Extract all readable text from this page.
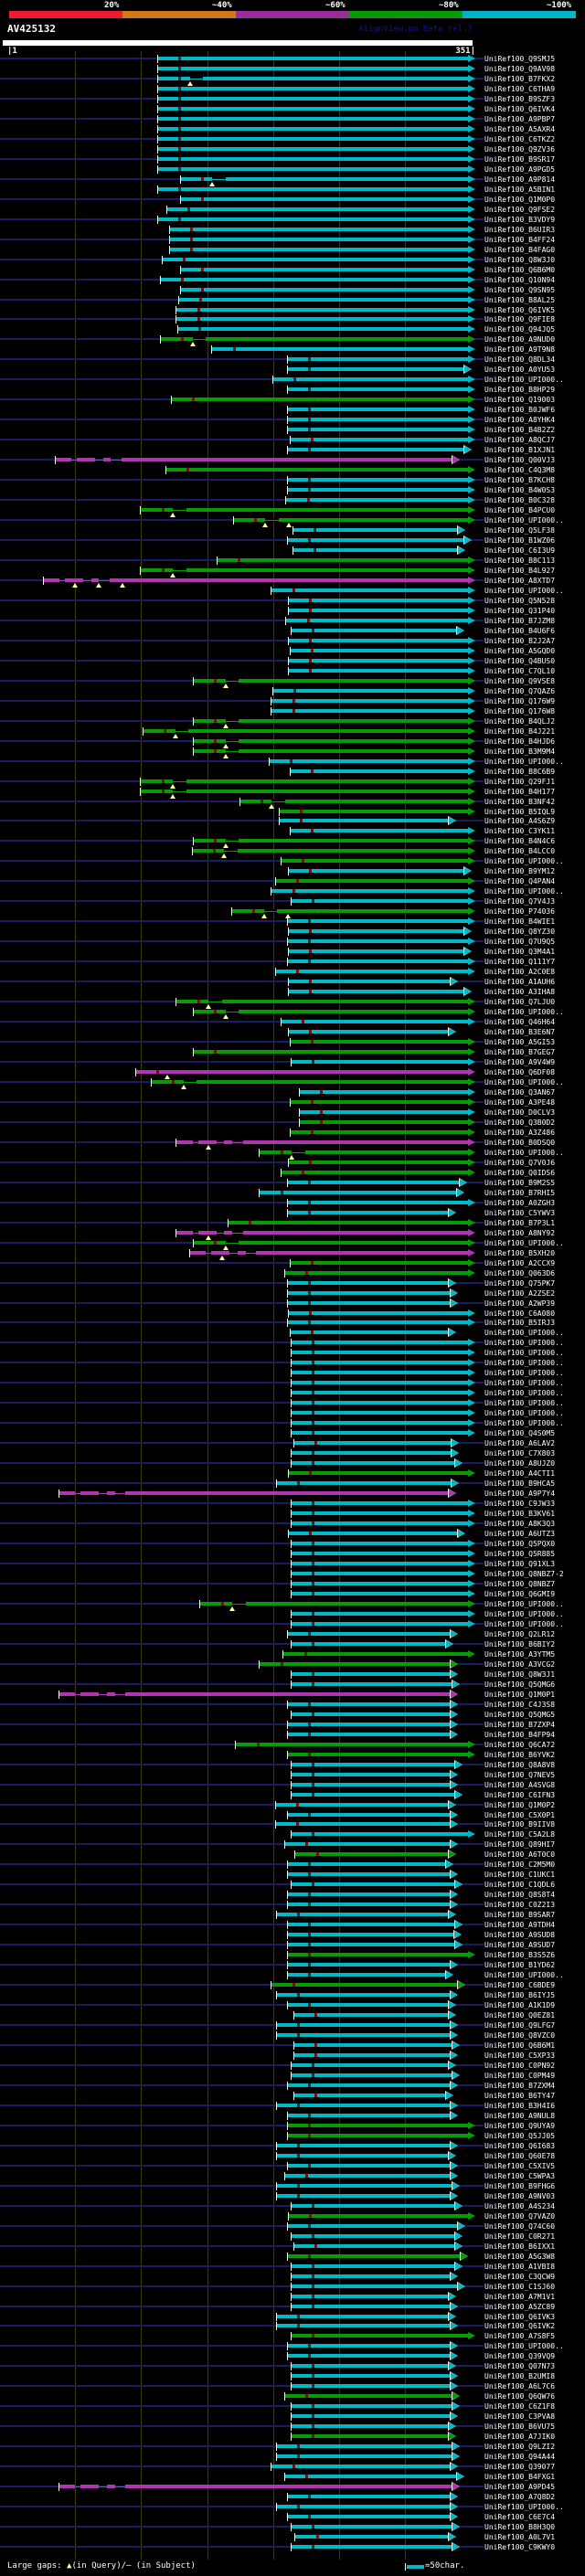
20%	~40%	~60%	~80%	~100%
AV425132	AlignView.pm Beta rel.7
|1	351|
UniRef100_Q9SMJ5
UniRef100_Q9AV98
UniRef100_B7FKX2
UniRef100_C6THA9
UniRef100_B9SZF3
UniRef100_Q6IVK4
UniRef100_A9PBP7
UniRef100_A5AXR4
UniRef100_C6TKZ2
UniRef100_Q9ZV36
UniRef100_B9SR17
UniRef100_A9PGD5
UniRef100_A9P814
UniRef100_A5BIN1
UniRef100_Q1M0P0
UniRef100_Q9FSE2
UniRef100_B3VDY9
UniRef100_B6UIR3
UniRef100_B4FF24
UniRef100_B4FAG0
UniRef100_Q8W3J0
UniRef100_Q6B6M0
UniRef100_Q10N94
UniRef100_Q9SN95
UniRef100_B8AL25
UniRef100_Q6IVK5
UniRef100_Q9FIE8
UniRef100_Q94JQ5
UniRef100_A9NUD0
UniRef100_A9T9N8
UniRef100_Q8DL34
UniRef100_A0YU53
UniRef100_UPI000..
UniRef100_B8HP29
UniRef100_Q19003
UniRef100_B0JWF6
UniRef100_A8YHK4
UniRef100_B4B2Z2
UniRef100_A8QCJ7
UniRef100_B1XJN1
UniRef100_Q00VJ3
UniRef100_C4Q3M8
UniRef100_B7KCH8
UniRef100_B4W0S3
UniRef100_B0C328
UniRef100_B4PCU0
UniRef100_UPI000..
UniRef100_Q5LF38
UniRef100_B1WZ06
UniRef100_C6I3U9
UniRef100_B8C113
UniRef100_B4L927
UniRef100_A8XTD7
UniRef100_UPI000..
UniRef100_Q5N528
UniRef100_Q31P40
UniRef100_B7JZM8
UniRef100_B4U6F6
UniRef100_B2J2A7
UniRef100_A5GQD0
UniRef100_Q4BUS0
UniRef100_C7QL10
UniRef100_Q9VSE8
UniRef100_Q7QAZ6
UniRef100_Q176W9
UniRef100_Q176W8
UniRef100_B4QLJ2
UniRef100_B4J221
UniRef100_B4HJD6
UniRef100_B3M9M4
UniRef100_UPI000..
UniRef100_B8C6B9
UniRef100_Q29FJ1
UniRef100_B4H177
UniRef100_B3NF42
UniRef100_B5IQL9
UniRef100_A4S6Z9
UniRef100_C3YK11
UniRef100_B4N4C6
UniRef100_B4LCC0
UniRef100_UPI000..
UniRef100_B9YM12
UniRef100_Q4PAN4
UniRef100_UPI000..
UniRef100_Q7V4J3
UniRef100_P74036
UniRef100_B4WIE1
UniRef100_Q8YZ30
UniRef100_Q7U9Q5
UniRef100_Q3M4A1
UniRef100_Q111Y7
UniRef100_A2C0E8
UniRef100_A1AUH6
UniRef100_A3IHA8
UniRef100_Q7LJU0
UniRef100_UPI000..
UniRef100_Q46H64
UniRef100_B3E6N7
UniRef100_A5GI53
UniRef100_B7GEG7
UniRef100_A9V4W9
UniRef100_Q6DF08
UniRef100_UPI000..
UniRef100_Q3AN67
UniRef100_A3PE48
UniRef100_D0CLV3
UniRef100_Q3B0D2
UniRef100_A3Z486
UniRef100_B0DSQ0
UniRef100_UPI000..
UniRef100_Q7V0J6
UniRef100_Q0IDS6
UniRef100_B9M2S5
UniRef100_B7RHI5
UniRef100_A0ZGH3
UniRef100_C5YWV3
UniRef100_B7P3L1
UniRef100_A8NY92
UniRef100_UPI000..
UniRef100_B5XH20
UniRef100_A2CCX9
UniRef100_Q063D6
UniRef100_Q75PK7
UniRef100_A2ZSE2
UniRef100_A2WP39
UniRef100_C6A080
UniRef100_B5IRJ3
UniRef100_UPI000..
UniRef100_UPI000..
UniRef100_UPI000..
UniRef100_UPI000..
UniRef100_UPI000..
UniRef100_UPI000..
UniRef100_UPI000..
UniRef100_UPI000..
UniRef100_UPI000..
UniRef100_UPI000..
UniRef100_Q4S0M5
UniRef100_A6LAV2
UniRef100_C7X803
UniRef100_A8UJZ0
UniRef100_A4CTI1
UniRef100_B9HCA5
UniRef100_A9P7Y4
UniRef100_C9JW33
UniRef100_B3KV61
UniRef100_A8K3Q3
UniRef100_A6UTZ3
UniRef100_Q5PQX0
UniRef100_Q5R885
UniRef100_Q91XL3
UniRef100_Q8NBZ7-2
UniRef100_Q8NBZ7
UniRef100_Q6GMI9
UniRef100_UPI000..
UniRef100_UPI000..
UniRef100_UPI000..
UniRef100_Q2LR12
UniRef100_B6BIY2
UniRef100_A3YTM5
UniRef100_A3VCG2
UniRef100_Q8W3J1
UniRef100_Q5QMG6
UniRef100_Q1M0P1
UniRef100_C4J3S8
UniRef100_Q5QMG5
UniRef100_B7ZXP4
UniRef100_B4FP94
UniRef100_Q6CA72
UniRef100_B6YVK2
UniRef100_Q8A8V8
UniRef100_Q7NEV5
UniRef100_A4SVG8
UniRef100_C6IFN3
UniRef100_Q1M0P2
UniRef100_C5X0P1
UniRef100_B9IIV8
UniRef100_C5A2L8
UniRef100_Q89HI7
UniRef100_A6T0C0
UniRef100_C2M5M0
UniRef100_C1UKC1
UniRef100_C1QDL6
UniRef100_Q8S8T4
UniRef100_C0Z2I3
UniRef100_B9SAR7
UniRef100_A9TDH4
UniRef100_A9SUD8
UniRef100_A9SUD7
UniRef100_B3S5Z6
UniRef100_B1YD62
UniRef100_UPI000..
UniRef100_C6BDE9
UniRef100_B6IYJ5
UniRef100_A1K1D9
UniRef100_Q0EZ81
UniRef100_Q9LFG7
UniRef100_Q8VZC0
UniRef100_Q6B6M1
UniRef100_C5XP33
UniRef100_C0PN92
UniRef100_C0PM49
UniRef100_B7ZXM4
UniRef100_B6TY47
UniRef100_B3H4I6
UniRef100_A9NUL8
UniRef100_Q9UYA9
UniRef100_Q5JJ05
UniRef100_Q6I683
UniRef100_Q60E78
UniRef100_C5XIV5
UniRef100_C5WPA3
UniRef100_B9FHG6
UniRef100_A9NV03
UniRef100_A4S234
UniRef100_Q7VAZ0
UniRef100_Q74C60
UniRef100_C0R271
UniRef100_B6IXX1
UniRef100_A5G3W8
UniRef100_A1VBI8
UniRef100_C3QCW9
UniRef100_C1SJ60
UniRef100_A7M1V1
UniRef100_A5ZC89
UniRef100_Q6IVK3
UniRef100_Q6IVK2
UniRef100_A7S8F5
UniRef100_UPI000..
UniRef100_Q39VQ9
UniRef100_Q07N73
UniRef100_B2UMI8
UniRef100_A6L7C6
UniRef100_Q6QW76
UniRef100_C6Z1F8
UniRef100_C3PVA8
UniRef100_B6VU75
UniRef100_A7JIK0
UniRef100_Q9LZI2
UniRef100_Q94A44
UniRef100_Q39077
UniRef100_B4FXG1
UniRef100_A9PD45
UniRef100_A7Q8D2
UniRef100_UPI000..
UniRef100_C6E7C4
UniRef100_B8H3Q0
UniRef100_A0L7V1
UniRef100_C9KWY0
Large gaps: ▲(in Query)/— (in Subject)	=50char.
